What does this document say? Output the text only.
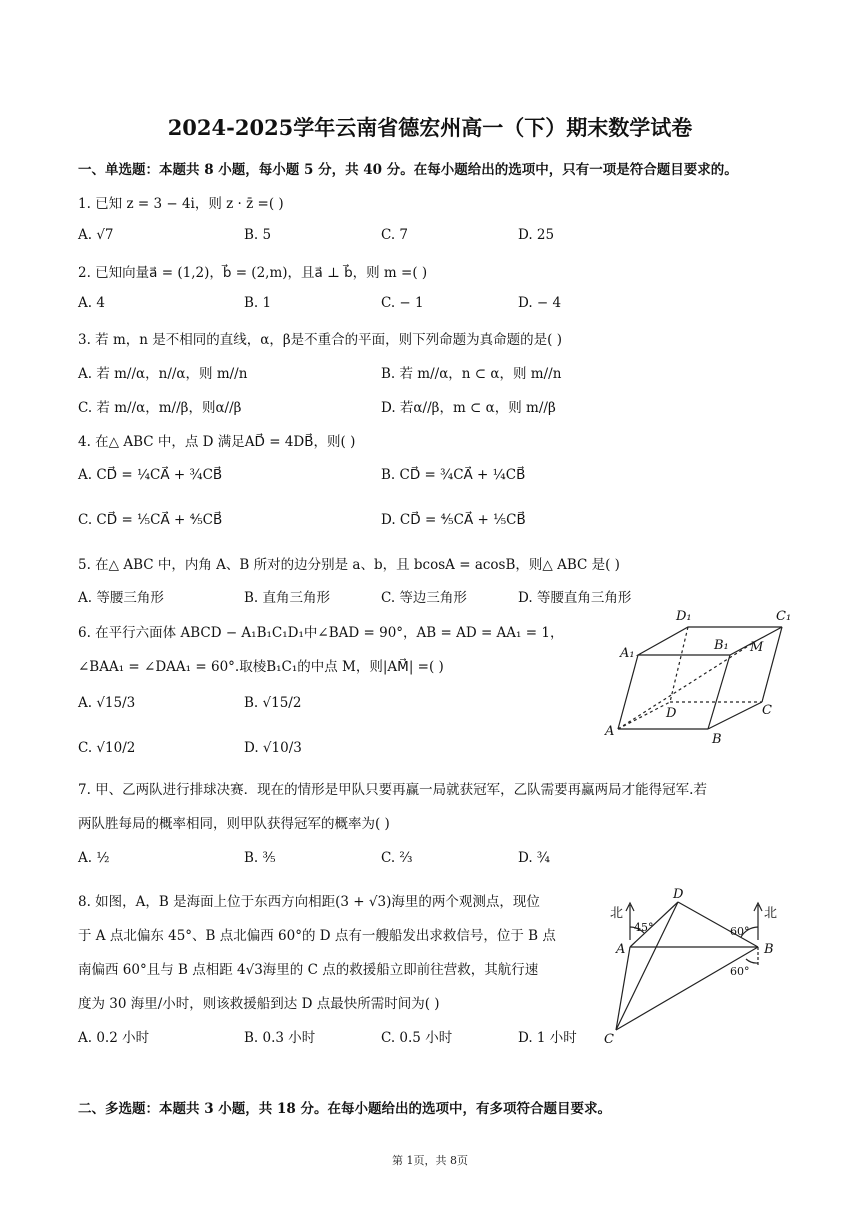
2024-2025学年云南省德宏州高一（下）期末数学试卷
一、单选题：本题共 8 小题，每小题 5 分，共 40 分。在每小题给出的选项中，只有一项是符合题目要求的。
1. 已知 z = 3 − 4i，则 z · z̄ =( )
A. √7	B. 5	C. 7	D. 25
2. 已知向量a⃗ = (1,2)，b⃗ = (2,m)，且a⃗ ⊥ b⃗，则 m =( )
A. 4	B. 1	C. − 1	D. − 4
3. 若 m，n 是不相同的直线，α，β是不重合的平面，则下列命题为真命题的是( )
A. 若 m//α，n//α，则 m//n	B. 若 m//α，n ⊂ α，则 m//n
C. 若 m//α，m//β，则α//β	D. 若α//β，m ⊂ α，则 m//β
4. 在△ ABC 中，点 D 满足AD⃗ = 4DB⃗，则( )
A. CD⃗ = ¼CA⃗ + ¾CB⃗	B. CD⃗ = ¾CA⃗ + ¼CB⃗
C. CD⃗ = ⅕CA⃗ + ⅘CB⃗	D. CD⃗ = ⅘CA⃗ + ⅕CB⃗
5. 在△ ABC 中，内角 A、B 所对的边分别是 a、b，且 bcosA = acosB，则△ ABC 是( )
A. 等腰三角形	B. 直角三角形	C. 等边三角形	D. 等腰直角三角形
6. 在平行六面体 ABCD − A₁B₁C₁D₁中∠BAD = 90°，AB = AD = AA₁ = 1，
∠BAA₁ = ∠DAA₁ = 60°.取棱B₁C₁的中点 M，则|AM⃗| =( )
A. √15/3	B. √15/2
C. √10/2	D. √10/3
D₁	C₁
A₁
B₁ M
D	C
A
B
7. 甲、乙两队进行排球决赛．现在的情形是甲队只要再赢一局就获冠军，乙队需要再赢两局才能得冠军.若
两队胜每局的概率相同，则甲队获得冠军的概率为( )
A. ½	B. ⅗	C. ⅔	D. ¾
8. 如图，A，B 是海面上位于东西方向相距(3 + √3)海里的两个观测点，现位
于 A 点北偏东 45°、B 点北偏西 60°的 D 点有一艘船发出求救信号，位于 B 点
南偏西 60°且与 B 点相距 4√3海里的 C 点的救援船立即前往营救，其航行速
度为 30 海里/小时，则该救援船到达 D 点最快所需时间为( )
A. 0.2 小时	B. 0.3 小时	C. 0.5 小时	D. 1 小时
北
D
北
45°	60°
A	B
60°
C
二、多选题：本题共 3 小题，共 18 分。在每小题给出的选项中，有多项符合题目要求。
第 1页，共 8页
